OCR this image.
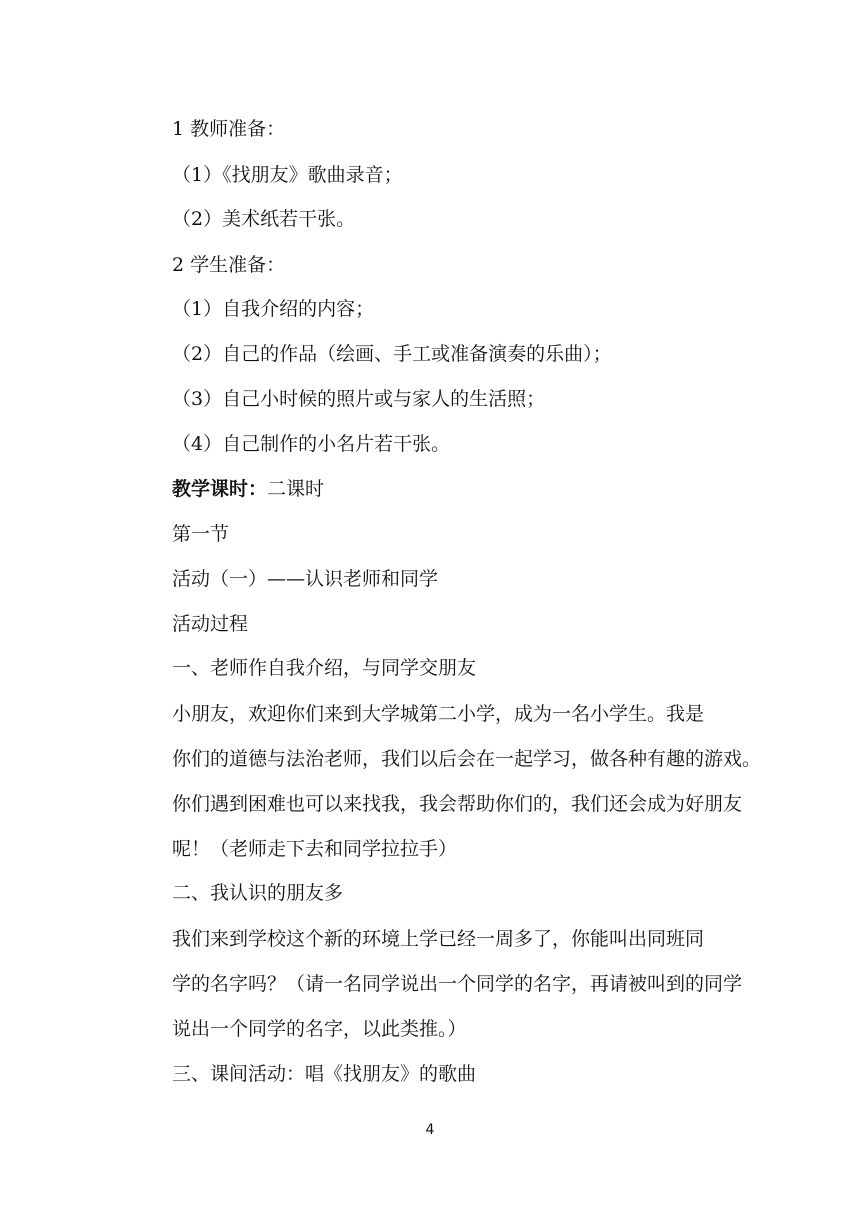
1 教师准备：
（1）《找朋友》歌曲录音；
（2）美术纸若干张。
2 学生准备：
（1）自我介绍的内容；
（2）自己的作品（绘画、手工或准备演奏的乐曲）；
（3）自己小时候的照片或与家人的生活照；
（4）自己制作的小名片若干张。
教学课时：二课时
第一节
活动（一）——认识老师和同学
活动过程
一、老师作自我介绍，与同学交朋友
小朋友，欢迎你们来到大学城第二小学，成为一名小学生。我是
你们的道德与法治老师，我们以后会在一起学习，做各种有趣的游戏。
你们遇到困难也可以来找我，我会帮助你们的，我们还会成为好朋友
呢！（老师走下去和同学拉拉手）
二、我认识的朋友多
我们来到学校这个新的环境上学已经一周多了，你能叫出同班同
学的名字吗？（请一名同学说出一个同学的名字，再请被叫到的同学
说出一个同学的名字，以此类推。）
三、课间活动：唱《找朋友》的歌曲
4
